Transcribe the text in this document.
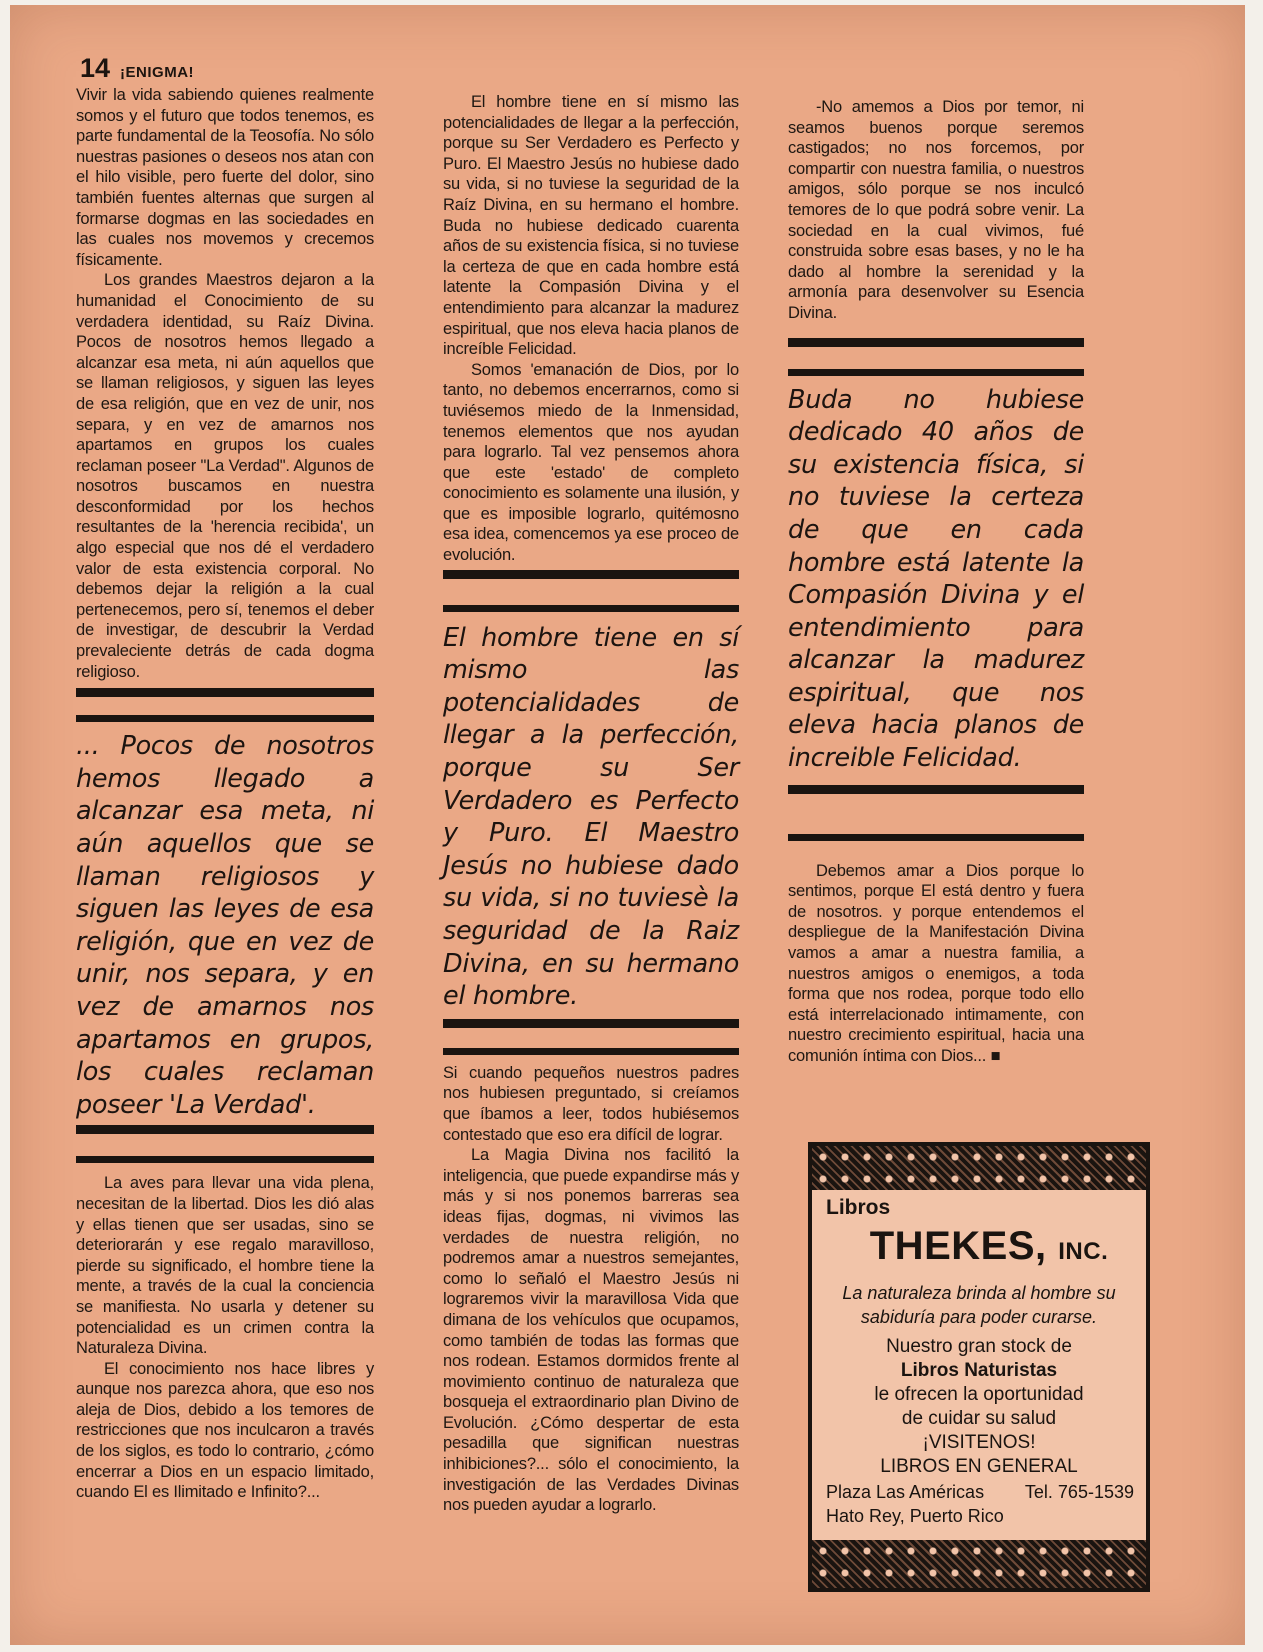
14 ¡ENIGMA!

Vivir la vida sabiendo quienes realmente somos y el futuro que todos tenemos, es parte fundamental de la Teosofía. No sólo nuestras pasiones o deseos nos atan con el hilo visible, pero fuerte del dolor, sino también fuentes alternas que surgen al formarse dogmas en las sociedades en las cuales nos movemos y crecemos físicamente.

Los grandes Maestros dejaron a la humanidad el Conocimiento de su verdadera identidad, su Raíz Divina. Pocos de nosotros hemos llegado a alcanzar esa meta, ni aún aquellos que se llaman religiosos, y siguen las leyes de esa religión, que en vez de unir, nos separa, y en vez de amarnos nos apartamos en grupos los cuales reclaman poseer "La Verdad". Algunos de nosotros buscamos en nuestra desconformidad por los hechos resultantes de la 'herencia recibida', un algo especial que nos dé el verdadero valor de esta existencia corporal. No debemos dejar la religión a la cual pertenecemos, pero sí, tenemos el deber de investigar, de descubrir la Verdad prevaleciente detrás de cada dogma religioso.

... Pocos de nosotros hemos llegado a alcanzar esa meta, ni aún aquellos que se llaman religiosos y siguen las leyes de esa religión, que en vez de unir, nos separa, y en vez de amarnos nos apartamos en grupos, los cuales reclaman poseer 'La Verdad'.

La aves para llevar una vida plena, necesitan de la libertad. Dios les dió alas y ellas tienen que ser usadas, sino se deteriorarán y ese regalo maravilloso, pierde su significado, el hombre tiene la mente, a través de la cual la conciencia se manifiesta. No usarla y detener su potencialidad es un crimen contra la Naturaleza Divina.

El conocimiento nos hace libres y aunque nos parezca ahora, que eso nos aleja de Dios, debido a los temores de restricciones que nos inculcaron a través de los siglos, es todo lo contrario, ¿cómo encerrar a Dios en un espacio limitado, cuando El es Ilimitado e Infinito?...

El hombre tiene en sí mismo las potencialidades de llegar a la perfección, porque su Ser Verdadero es Perfecto y Puro. El Maestro Jesús no hubiese dado su vida, si no tuviese la seguridad de la Raíz Divina, en su hermano el hombre. Buda no hubiese dedicado cuarenta años de su existencia física, si no tuviese la certeza de que en cada hombre está latente la Compasión Divina y el entendimiento para alcanzar la madurez espiritual, que nos eleva hacia planos de increíble Felicidad.

Somos 'emanación de Dios, por lo tanto, no debemos encerrarnos, como si tuviésemos miedo de la Inmensidad, tenemos elementos que nos ayudan para lograrlo. Tal vez pensemos ahora que este 'estado' de completo conocimiento es solamente una ilusión, y que es imposible lograrlo, quitémosno esa idea, comencemos ya ese proceo de evolución.

El hombre tiene en sí mismo las potencialidades de llegar a la perfección, porque su Ser Verdadero es Perfecto y Puro. El Maestro Jesús no hubiese dado su vida, si no tuviesè la seguridad de la Raiz Divina, en su hermano el hombre.

Si cuando pequeños nuestros padres nos hubiesen preguntado, si creíamos que íbamos a leer, todos hubiésemos contestado que eso era difícil de lograr.

La Magia Divina nos facilitó la inteligencia, que puede expandirse más y más y si nos ponemos barreras sea ideas fijas, dogmas, ni vivimos las verdades de nuestra religión, no podremos amar a nuestros semejantes, como lo señaló el Maestro Jesús ni lograremos vivir la maravillosa Vida que dimana de los vehículos que ocupamos, como también de todas las formas que nos rodean. Estamos dormidos frente al movimiento continuo de naturaleza que bosqueja el extraordinario plan Divino de Evolución. ¿Cómo despertar de esta pesadilla que significan nuestras inhibiciones?... sólo el conocimiento, la investigación de las Verdades Divinas nos pueden ayudar a lograrlo.

-No amemos a Dios por temor, ni seamos buenos porque seremos castigados; no nos forcemos, por compartir con nuestra familia, o nuestros amigos, sólo porque se nos inculcó temores de lo que podrá sobre venir. La sociedad en la cual vivimos, fué construida sobre esas bases, y no le ha dado al hombre la serenidad y la armonía para desenvolver su Esencia Divina.

Buda no hubiese dedicado 40 años de su existencia física, si no tuviese la certeza de que en cada hombre está latente la Compasión Divina y el entendimiento para alcanzar la madurez espiritual, que nos eleva hacia planos de increible Felicidad.

Debemos amar a Dios porque lo sentimos, porque El está dentro y fuera de nosotros. y porque entendemos el despliegue de la Manifestación Divina vamos a amar a nuestra familia, a nuestros amigos o enemigos, a toda forma que nos rodea, porque todo ello está interrelacionado intimamente, con nuestro crecimiento espiritual, hacia una comunión íntima con Dios... ■

Libros
THEKES, INC.
La naturaleza brinda al hombre su sabiduría para poder curarse.

Nuestro gran stock de

Libros Naturistas

le ofrecen la oportunidad

de cuidar su salud

¡VISITENOS!

LIBROS EN GENERAL

Plaza Las Américas Tel. 765-1539
Hato Rey, Puerto Rico
